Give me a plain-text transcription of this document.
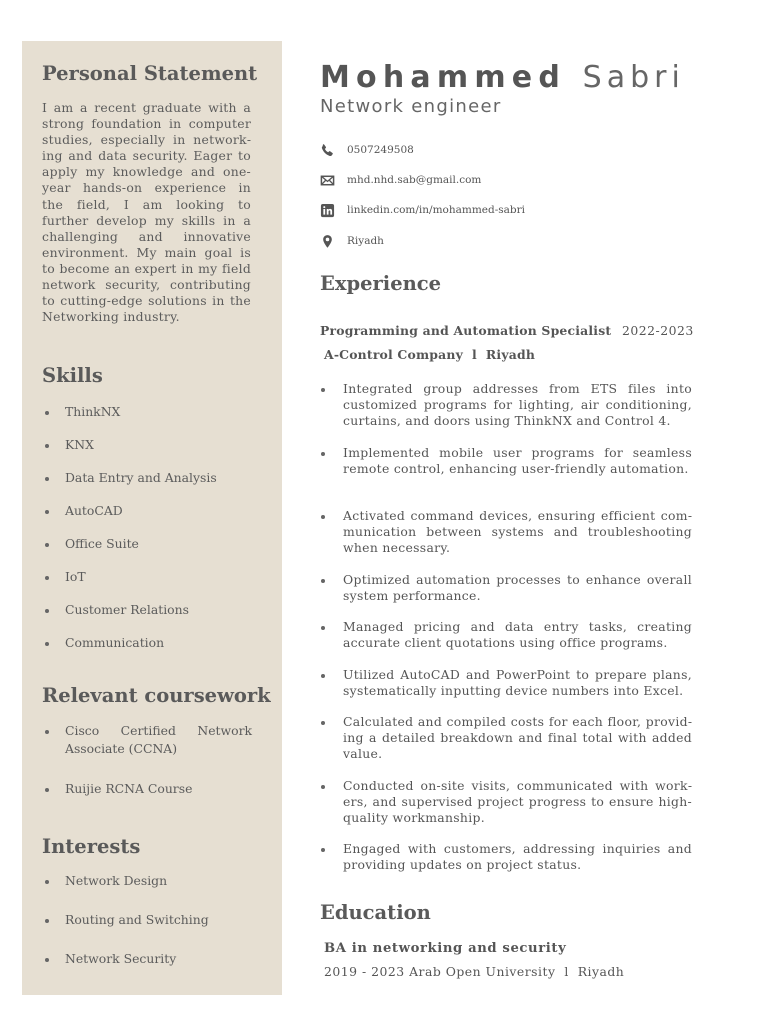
Personal Statement

I am a recent graduate with a strong foundation in computer studies, especially in networking and data security. Eager to apply my knowledge and one-year hands-on experience in the field, I am looking to further develop my skills in a challenging and innovative environment. My main goal is to become an expert in my field network security, contributing to cutting-edge solutions in the Networking industry.

Skills
ThinkNX
KNX
Data Entry and Analysis
AutoCAD
Office Suite
IoT
Customer Relations
Communication
Relevant coursework
Cisco Certified Network Associate (CCNA)
Ruijie RCNA Course
Interests
Network Design
Routing and Switching
Network Security
Mohammed Sabri
Network engineer
0507249508
mhd.nhd.sab@gmail.com
linkedin.com/in/mohammed-sabri
Riyadh
Experience
Programming and Automation Specialist 2022-2023
A-Control Company  l  Riyadh
Integrated group addresses from ETS files into customized programs for lighting, air conditioning, curtains, and doors using ThinkNX and Control 4.
Implemented mobile user programs for seamless remote control, enhancing user-friendly automation.
Activated command devices, ensuring efficient communication between systems and troubleshooting when necessary.
Optimized automation processes to enhance overall system performance.
Managed pricing and data entry tasks, creating accurate client quotations using office programs.
Utilized AutoCAD and PowerPoint to prepare plans, systematically inputting device numbers into Excel.
Calculated and compiled costs for each floor, providing a detailed breakdown and final total with added value.
Conducted on-site visits, communicated with workers, and supervised project progress to ensure high-quality workmanship.
Engaged with customers, addressing inquiries and providing updates on project status.
Education
BA in networking and security
2019 - 2023 Arab Open University  l  Riyadh
